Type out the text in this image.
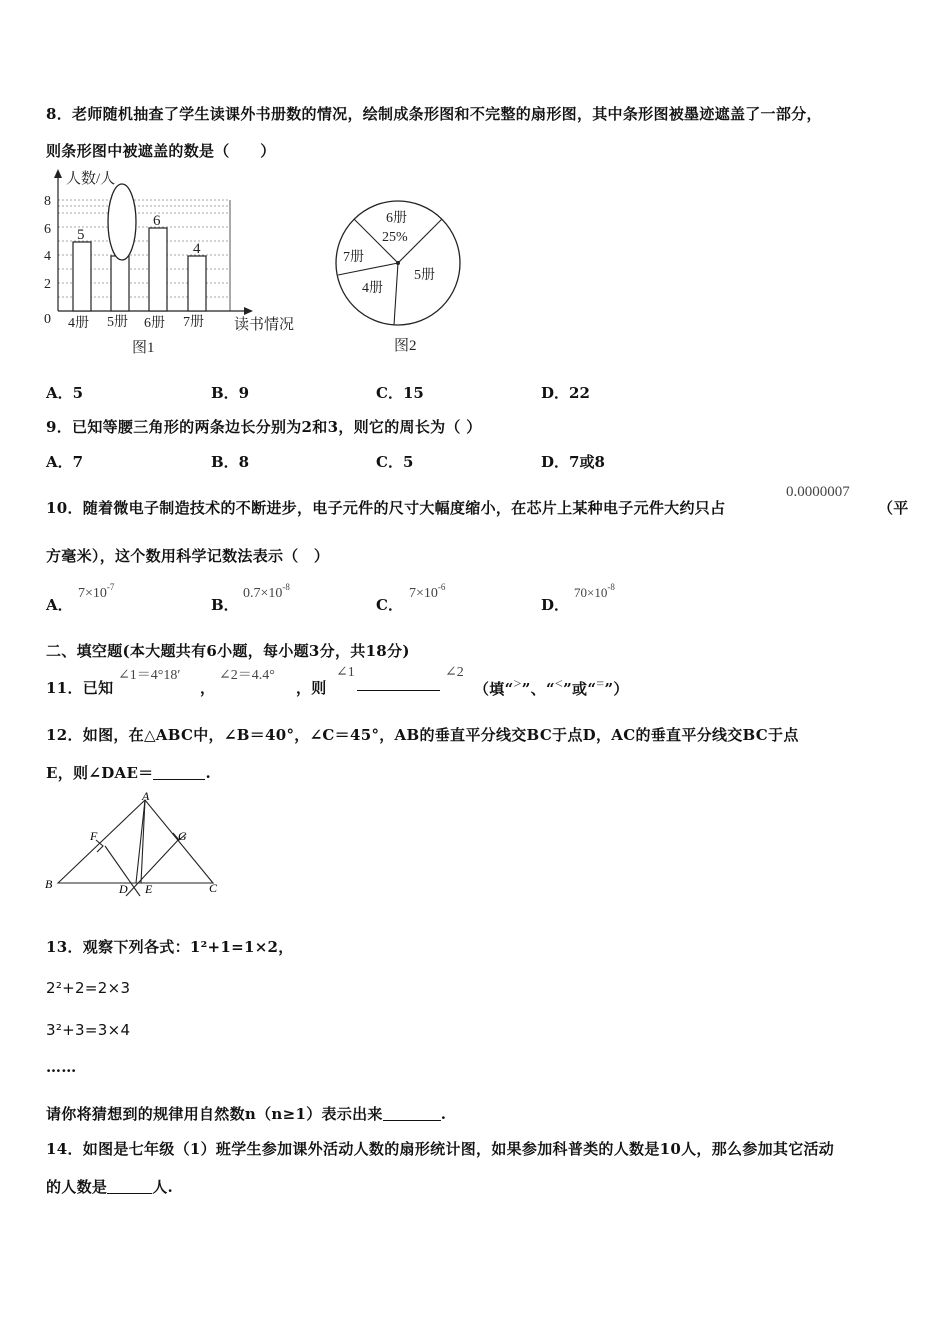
8．老师随机抽查了学生读课外书册数的情况，绘制成条形图和不完整的扇形图，其中条形图被墨迹遮盖了一部分，
则条形图中被遮盖的数是（　　）
人数/人
8
6
4
2
0
5
6
4
4册 5册 6册 7册 读书情况
图1
6册
25%
7册
5册
4册
图2
A．5	B．9	C．15	D．22
9．已知等腰三角形的两条边长分别为2和3，则它的周长为（ ）
A．7	B．8	C．5	D．7或8
10．随着微电子制造技术的不断进步，电子元件的尺寸大幅度缩小，在芯片上某种电子元件大约只占
0.0000007
（平
方毫米），这个数用科学记数法表示（　）
A．
$7\times 10^{-7}$
B．
$0.7\times 10^{-8}$
C．
$7\times 10^{-6}$
D．
$70\times 10^{-8}$
二、填空题(本大题共有6小题，每小题3分，共18分)
11．已知
∠1＝4°18′
，
∠2＝4.4°
，则
∠1	∠2
（填“>”、“<”或“=”）
12．如图，在△ABC中，∠B＝40°，∠C＝45°，AB的垂直平分线交BC于点D，AC的垂直平分线交BC于点
E，则∠DAE＝	.
A
F	G
B	D E	C
13．观察下列各式：1²+1=1×2，
2²+2=2×3
3²+3=3×4
……
请你将猜想到的规律用自然数n（n≥1）表示出来	.
14．如图是七年级（1）班学生参加课外活动人数的扇形统计图，如果参加科普类的人数是10人，那么参加其它活动
的人数是	人.
